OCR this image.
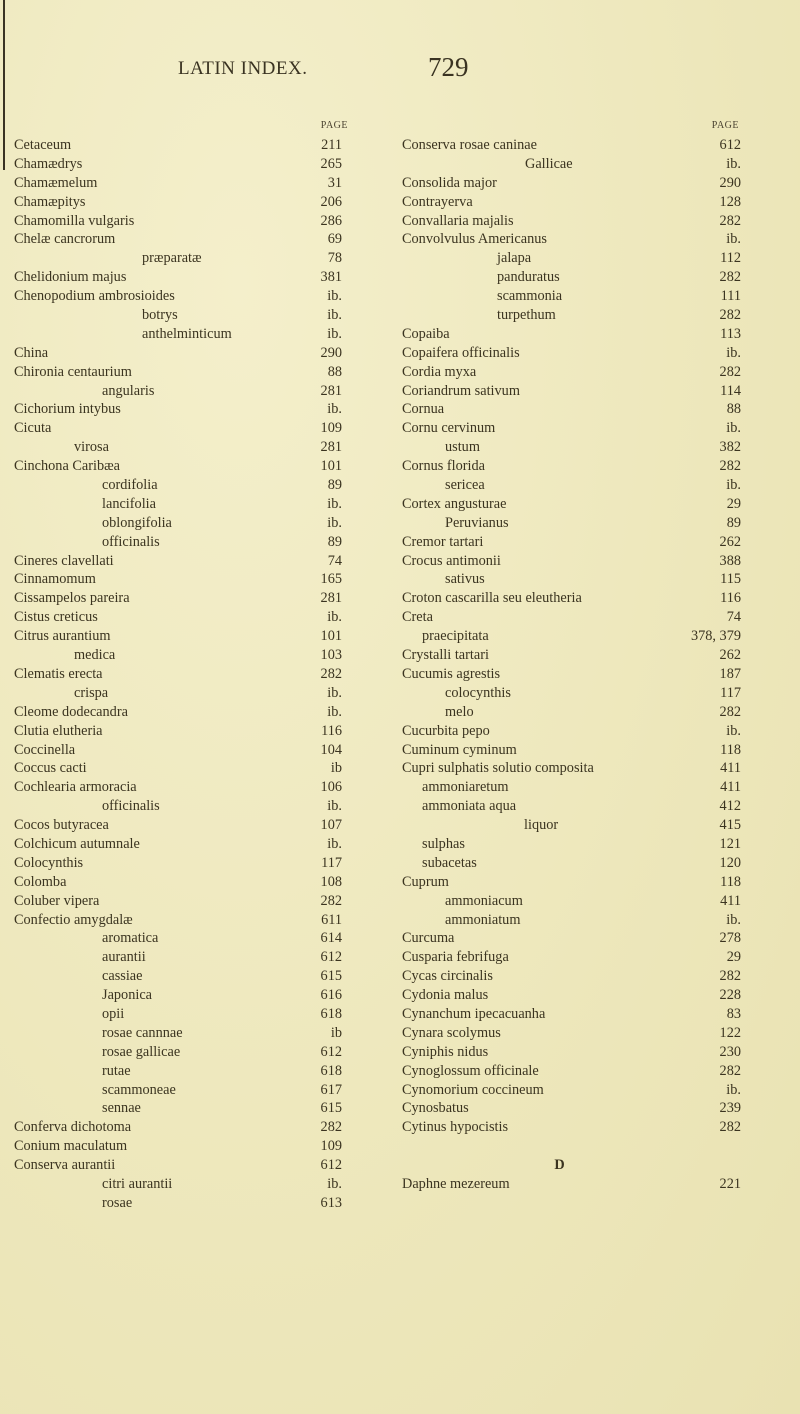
LATIN INDEX.	729
PAGE
Cetaceum	211
Chamædrys	265
Chamæmelum	31
Chamæpitys	206
Chamomilla vulgaris	286
Chelæ cancrorum	69
præparatæ	78
Chelidonium majus	381
Chenopodium ambrosioides	ib.
botrys	ib.
anthelminticum	ib.
China	290
Chironia centaurium	88
angularis	281
Cichorium intybus	ib.
Cicuta	109
virosa	281
Cinchona Caribæa	101
cordifolia	89
lancifolia	ib.
oblongifolia	ib.
officinalis	89
Cineres clavellati	74
Cinnamomum	165
Cissampelos pareira	281
Cistus creticus	ib.
Citrus aurantium	101
medica	103
Clematis erecta	282
crispa	ib.
Cleome dodecandra	ib.
Clutia elutheria	116
Coccinella	104
Coccus cacti	ib
Cochlearia armoracia	106
officinalis	ib.
Cocos butyracea	107
Colchicum autumnale	ib.
Colocynthis	117
Colomba	108
Coluber vipera	282
Confectio amygdalæ	611
aromatica	614
aurantii	612
cassiae	615
Japonica	616
opii	618
rosae cannnae	ib
rosae gallicae	612
rutae	618
scammoneae	617
sennae	615
Conferva dichotoma	282
Conium maculatum	109
Conserva aurantii	612
citri aurantii	ib.
rosae	613
PAGE
Conserva rosae caninae	612
Gallicae	ib.
Consolida major	290
Contrayerva	128
Convallaria majalis	282
Convolvulus Americanus	ib.
jalapa	112
panduratus	282
scammonia	111
turpethum	282
Copaiba	113
Copaifera officinalis	ib.
Cordia myxa	282
Coriandrum sativum	114
Cornua	88
Cornu cervinum	ib.
ustum	382
Cornus florida	282
sericea	ib.
Cortex angusturae	29
Peruvianus	89
Cremor tartari	262
Crocus antimonii	388
sativus	115
Croton cascarilla seu eleutheria	116
Creta	74
praecipitata	378, 379
Crystalli tartari	262
Cucumis agrestis	187
colocynthis	117
melo	282
Cucurbita pepo	ib.
Cuminum cyminum	118
Cupri sulphatis solutio composita	411
ammoniaretum	411
ammoniata aqua	412
liquor	415
sulphas	121
subacetas	120
Cuprum	118
ammoniacum	411
ammoniatum	ib.
Curcuma	278
Cusparia febrifuga	29
Cycas circinalis	282
Cydonia malus	228
Cynanchum ipecacuanha	83
Cynara scolymus	122
Cyniphis nidus	230
Cynoglossum officinale	282
Cynomorium coccineum	ib.
Cynosbatus	239
Cytinus hypocistis	282
D
Daphne mezereum	221
